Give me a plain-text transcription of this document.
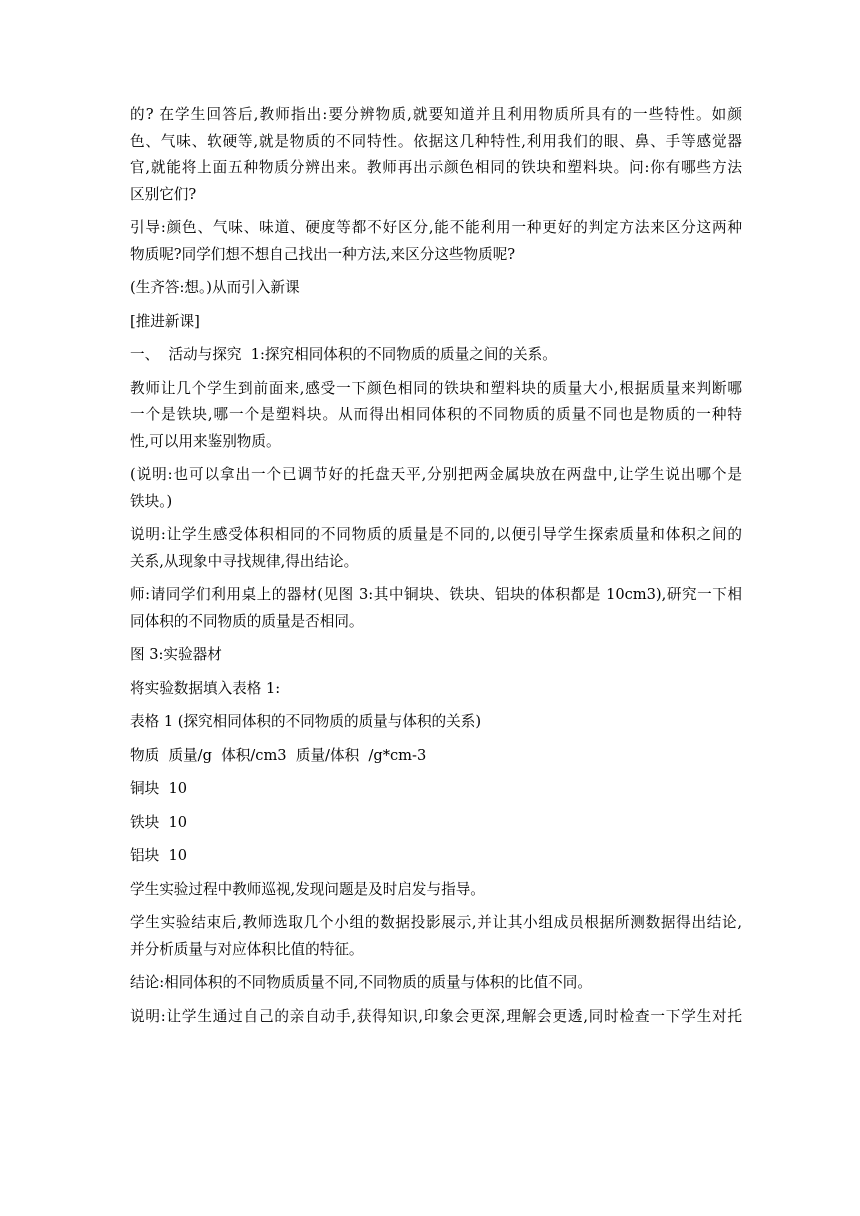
的? 在学生回答后,教师指出:要分辨物质,就要知道并且利用物质所具有的一些特性。如颜
色、气味、软硬等,就是物质的不同特性。依据这几种特性,利用我们的眼、鼻、手等感觉器
官,就能将上面五种物质分辨出来。教师再出示颜色相同的铁块和塑料块。问:你有哪些方法
区别它们?

引导:颜色、气味、味道、硬度等都不好区分,能不能利用一种更好的判定方法来区分这两种
物质呢?同学们想不想自己找出一种方法,来区分这些物质呢?

(生齐答:想。)从而引入新课

[推进新课]

一、  活动与探究  1:探究相同体积的不同物质的质量之间的关系。

教师让几个学生到前面来,感受一下颜色相同的铁块和塑料块的质量大小,根据质量来判断哪
一个是铁块,哪一个是塑料块。从而得出相同体积的不同物质的质量不同也是物质的一种特
性,可以用来鉴别物质。

(说明:也可以拿出一个已调节好的托盘天平,分别把两金属块放在两盘中,让学生说出哪个是
铁块。)

说明:让学生感受体积相同的不同物质的质量是不同的,以便引导学生探索质量和体积之间的
关系,从现象中寻找规律,得出结论。

师:请同学们利用桌上的器材(见图 3:其中铜块、铁块、铝块的体积都是 10cm3),研究一下相
同体积的不同物质的质量是否相同。

图 3:实验器材

将实验数据填入表格 1:

表格 1 (探究相同体积的不同物质的质量与体积的关系)

物质  质量/g  体积/cm3  质量/体积  /g*cm-3

铜块  10

铁块  10

铝块  10

学生实验过程中教师巡视,发现问题是及时启发与指导。

学生实验结束后,教师选取几个小组的数据投影展示,并让其小组成员根据所测数据得出结论,
并分析质量与对应体积比值的特征。

结论:相同体积的不同物质质量不同,不同物质的质量与体积的比值不同。

说明:让学生通过自己的亲自动手,获得知识,印象会更深,理解会更透,同时检查一下学生对托
